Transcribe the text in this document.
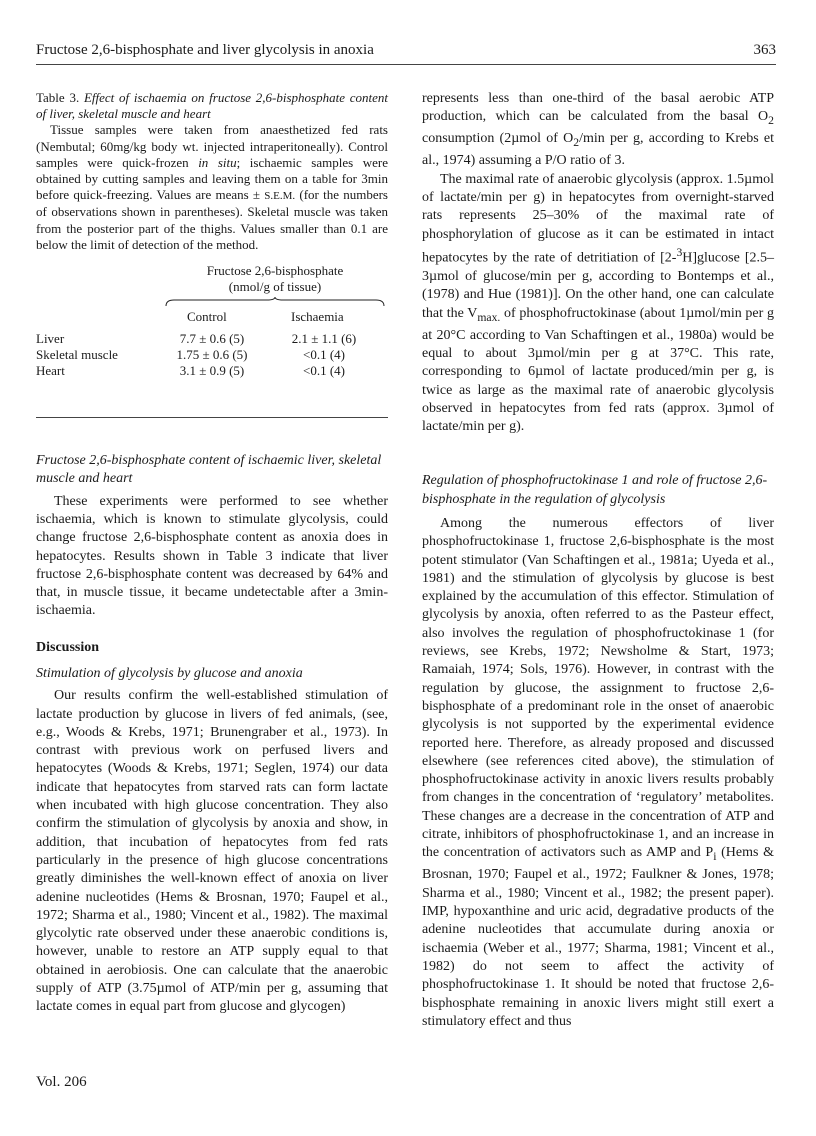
Fructose 2,6-bisphosphate and liver glycolysis in anoxia	363

Table 3. Effect of ischaemia on fructose 2,6-bisphosphate content of liver, skeletal muscle and heart

Tissue samples were taken from anaesthetized fed rats (Nembutal; 60mg/kg body wt. injected intraperitoneally). Control samples were quick-frozen in situ; ischaemic samples were obtained by cutting samples and leaving them on a table for 3min before quick-freezing. Values are means ± S.E.M. (for the numbers of observations shown in parentheses). Skeletal muscle was taken from the posterior part of the thighs. Values smaller than 0.1 are below the limit of detection of the method.

Fructose 2,6-bisphosphate
(nmol/g of tissue)
Control	Ischaemia
Liver	7.7 ± 0.6 (5)	2.1 ± 1.1 (6)
Skeletal muscle	1.75 ± 0.6 (5)	<0.1 (4)
Heart	3.1 ± 0.9 (5)	<0.1 (4)

Fructose 2,6-bisphosphate content of ischaemic liver, skeletal muscle and heart

These experiments were performed to see whether ischaemia, which is known to stimulate glycolysis, could change fructose 2,6-bisphosphate content as anoxia does in hepatocytes. Results shown in Table 3 indicate that liver fructose 2,6-bisphosphate content was decreased by 64% and that, in muscle tissue, it became undetectable after a 3min-ischaemia.

Discussion

Stimulation of glycolysis by glucose and anoxia

Our results confirm the well-established stimulation of lactate production by glucose in livers of fed animals, (see, e.g., Woods & Krebs, 1971; Brunengraber et al., 1973). In contrast with previous work on perfused livers and hepatocytes (Woods & Krebs, 1971; Seglen, 1974) our data indicate that hepatocytes from starved rats can form lactate when incubated with high glucose concentration. They also confirm the stimulation of glycolysis by anoxia and show, in addition, that incubation of hepatocytes from fed rats particularly in the presence of high glucose concentrations greatly diminishes the well-known effect of anoxia on liver adenine nucleotides (Hems & Brosnan, 1970; Faupel et al., 1972; Sharma et al., 1980; Vincent et al., 1982). The maximal glycolytic rate observed under these anaerobic conditions is, however, unable to restore an ATP supply equal to that obtained in aerobiosis. One can calculate that the anaerobic supply of ATP (3.75µmol of ATP/min per g, assuming that lactate comes in equal part from glucose and glycogen)

represents less than one-third of the basal aerobic ATP production, which can be calculated from the basal $O_2$ consumption (2µmol of $O_2/\min$ per g, according to Krebs et al., 1974) assuming a P/O ratio of 3.

The maximal rate of anaerobic glycolysis (approx. 1.5µmol of lactate/min per g) in hepatocytes from overnight-starved rats represents 25–30% of the maximal rate of phosphorylation of glucose as it can be estimated in intact hepatocytes by the rate of detritiation of [2-$^3$H]glucose [2.5–3µmol of glucose/min per g, according to Bontemps et al., (1978) and Hue (1981)]. On the other hand, one can calculate that the $V_{max.}$ of phosphofructokinase (about 1µmol/min per g at 20°C according to Van Schaftingen et al., 1980a) would be equal to about 3µmol/min per g at 37°C. This rate, corresponding to 6µmol of lactate produced/min per g, is twice as large as the maximal rate of anaerobic glycolysis observed in hepatocytes from fed rats (approx. 3µmol of lactate/min per g).

Regulation of phosphofructokinase 1 and role of fructose 2,6-bisphosphate in the regulation of glycolysis

Among the numerous effectors of liver phosphofructokinase 1, fructose 2,6-bisphosphate is the most potent stimulator (Van Schaftingen et al., 1981a; Uyeda et al., 1981) and the stimulation of glycolysis by glucose is best explained by the accumulation of this effector. Stimulation of glycolysis by anoxia, often referred to as the Pasteur effect, also involves the regulation of phosphofructokinase 1 (for reviews, see Krebs, 1972; Newsholme & Start, 1973; Ramaiah, 1974; Sols, 1976). However, in contrast with the regulation by glucose, the assignment to fructose 2,6-bisphosphate of a predominant role in the onset of anaerobic glycolysis is not supported by the experimental evidence reported here. Therefore, as already proposed and discussed elsewhere (see references cited above), the stimulation of phosphofructokinase activity in anoxic livers results probably from changes in the concentration of ‘regulatory’ metabolites. These changes are a decrease in the concentration of ATP and citrate, inhibitors of phosphofructokinase 1, and an increase in the concentration of activators such as AMP and $P_i$ (Hems & Brosnan, 1970; Faupel et al., 1972; Faulkner & Jones, 1978; Sharma et al., 1980; Vincent et al., 1982; the present paper). IMP, hypoxanthine and uric acid, degradative products of the adenine nucleotides that accumulate during anoxia or ischaemia (Weber et al., 1977; Sharma, 1981; Vincent et al., 1982) do not seem to affect the activity of phosphofructokinase 1. It should be noted that fructose 2,6-bisphosphate remaining in anoxic livers might still exert a stimulatory effect and thus

Vol. 206
